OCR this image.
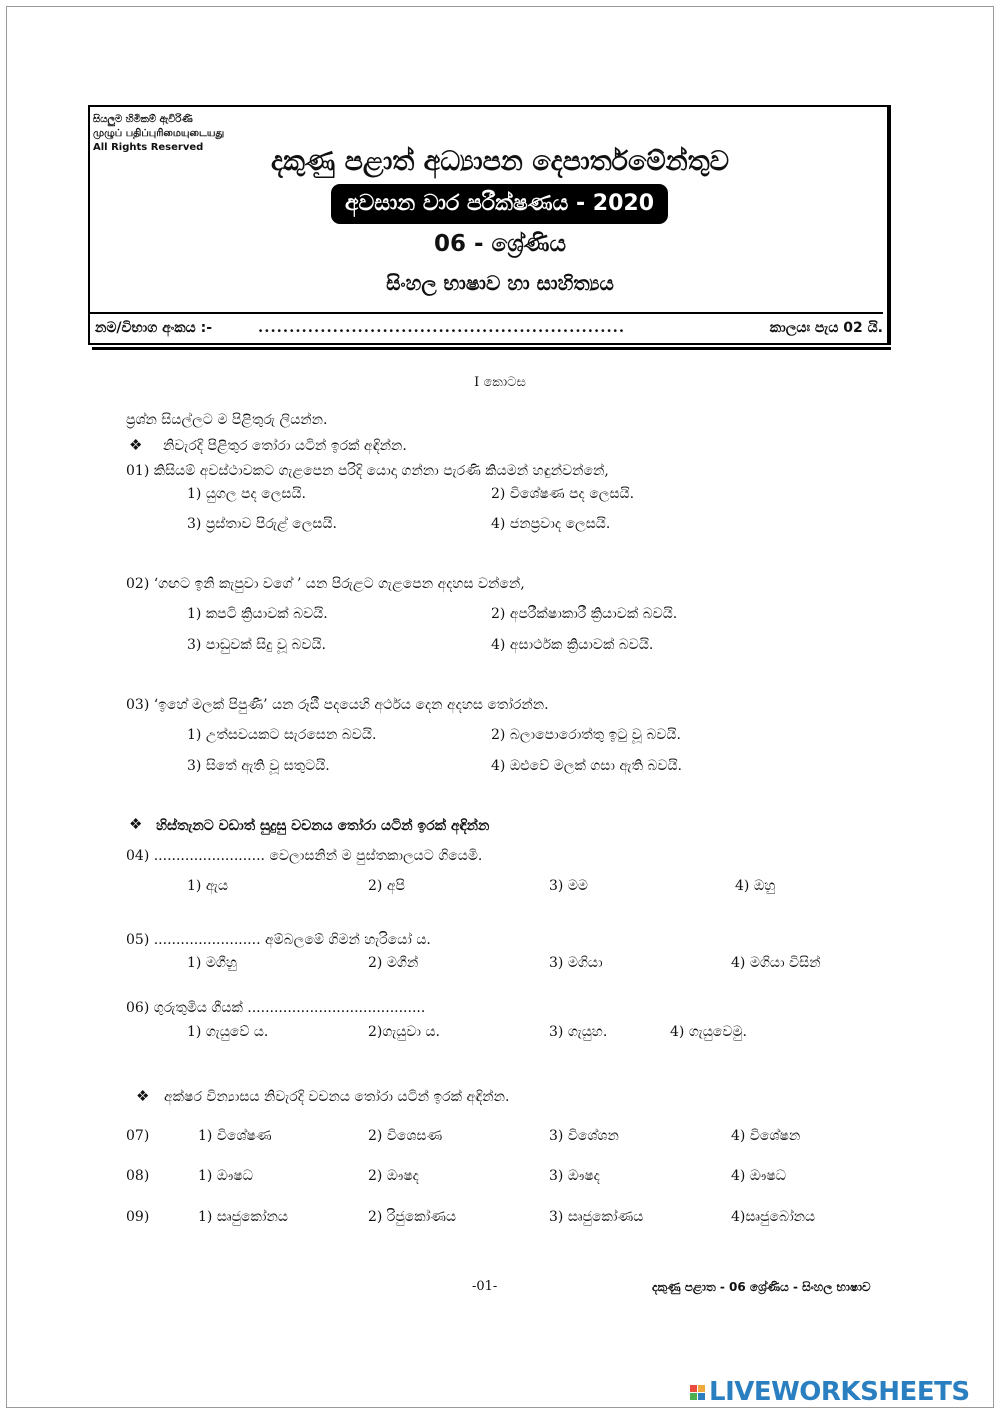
සියලුම හිමිකම් ඇවිරිණි
முழுப் பதிப்புரிமையுடையது
All Rights Reserved	දකුණු පළාත් අධ්‍යාපන දෙපාර්තමේන්තුව
අවසාන වාර පරීක්ෂණය - 2020
06 - ශ්‍රේණිය
සිංහල භාෂාව හා සාහිත්‍යය
නම/විභාග අංකය :-	...........................................................	කාලයඃ පැය 02 යි.
I කොටස
ප්‍රශ්න සියල්ලට ම පිළිතුරු ලියන්න.
❖ නිවැරදි පිළිතුර තෝරා යටින් ඉරක් අඳින්න.
01) කිසියම් අවස්ථාවකට ගැළපෙන පරිදි යොදා ගන්නා පැරණි කියමන් හඳුන්වන්නේ,
1) යුගල පද ලෙසයි.	2) විශේෂණ පද ලෙසයි.
3) ප්‍රස්තාව පිරුළ් ලෙසයි.	4) ජනප්‍රවාද ලෙසයි.
02) ‘ගඟට ඉනි කැපුවා වගේ ’ යන පිරුළට ගැළපෙන අදහස වන්නේ,
1) කපටි ක්‍රියාවක් බවයි.	2) අපරීක්ෂාකාරී ක්‍රියාවක් බවයි.
3) පාඩුවක් සිදු වූ බවයි.	4) අසාර්ථක ක්‍රියාවක් බවයි.
03) ‘ඉහේ මලක් පිපුණී’ යන රූඪී පදයෙහි අර්ථය දෙන අදහස තෝරන්න.
1) උත්සවයකට සැරසෙන බවයි.	2) බලාපොරොත්තු ඉටු වූ බවයි.
3) සිතේ ඇති වූ සතුටයි.	4) ඔළුවේ මලක් ගසා ඇති බවයි.
❖ හිස්තැනට වඩාත් සුදුසු වචනය තෝරා යටින් ඉරක් අඳින්න
04) ......................... වෙලාසනින් ම පුස්තකාලයට ගියෙමි.
1) ඇය	2) අපි	3) මම	4) ඔහු
05) ........................ අම්බලමේ ගිමන් හැරියෝ ය.
1) මගීහු	2) මගීන්	3) මගියා	4) මගියා විසින්
06) ගුරුතුමිය ගීයක් ........................................
1) ගැයුවේ ය.	2)ගැයුවා ය.	3) ගැයුහ.	4) ගැයුවෙමු.
❖ අක්ෂර වින්‍යාසය නිවැරදි වචනය තෝරා යටින් ඉරක් අඳින්න.
07)	1) විශේෂණ	2) විශෙසණ	3) විශේශන	4) විශේෂන
08)	1) ඖෂධ	2) ඖෂද	3) ඖෂද	4) ඖෂධ
09)	1) සෘජුකෝනය	2) රිජුකෝණය	3) සෘජුකෝණය	4)සෘජුබෝනය
-01-	දකුණු පළාත - 06 ශ්‍රේණිය - සිංහල භාෂාව
LIVEWORKSHEETS
